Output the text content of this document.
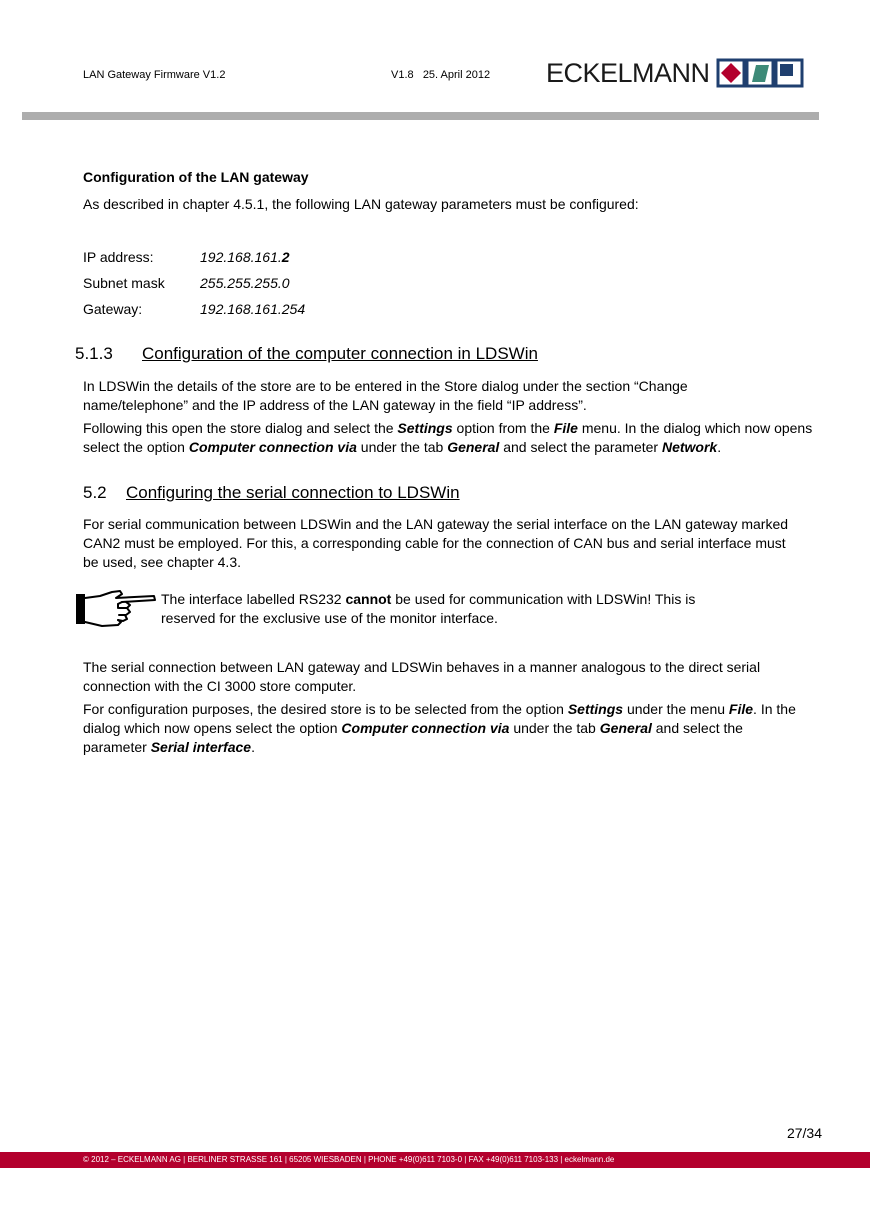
LAN Gateway Firmware V1.2	V1.8 25. April 2012 ECKELMANN
Configuration of the LAN gateway
As described in chapter 4.5.1, the following LAN gateway parameters must be configured:
IP address:	192.168.161.2
Subnet mask	255.255.255.0
Gateway:	192.168.161.254
5.1.3 Configuration of the computer connection in LDSWin
In LDSWin the details of the store are to be entered in the Store dialog under the section “Change name/telephone” and the IP address of the LAN gateway in the field “IP address”.
Following this open the store dialog and select the Settings option from the File menu. In the dialog which now opens select the option Computer connection via under the tab General and select the parameter Network.
5.2 Configuring the serial connection to LDSWin
For serial communication between LDSWin and the LAN gateway the serial interface on the LAN gateway marked CAN2 must be employed. For this, a corresponding cable for the connection of CAN bus and serial interface must be used, see chapter 4.3.
The interface labelled RS232 cannot be used for communication with LDSWin! This is reserved for the exclusive use of the monitor interface.
The serial connection between LAN gateway and LDSWin behaves in a manner analogous to the direct serial connection with the CI 3000 store computer.
For configuration purposes, the desired store is to be selected from the option Settings under the menu File. In the dialog which now opens select the option Computer connection via under the tab General and select the parameter Serial interface.
27/34
© 2012 – ECKELMANN AG | BERLINER STRASSE 161 | 65205 WIESBADEN | PHONE +49(0)611 7103-0 | FAX +49(0)611 7103-133 | eckelmann.de
